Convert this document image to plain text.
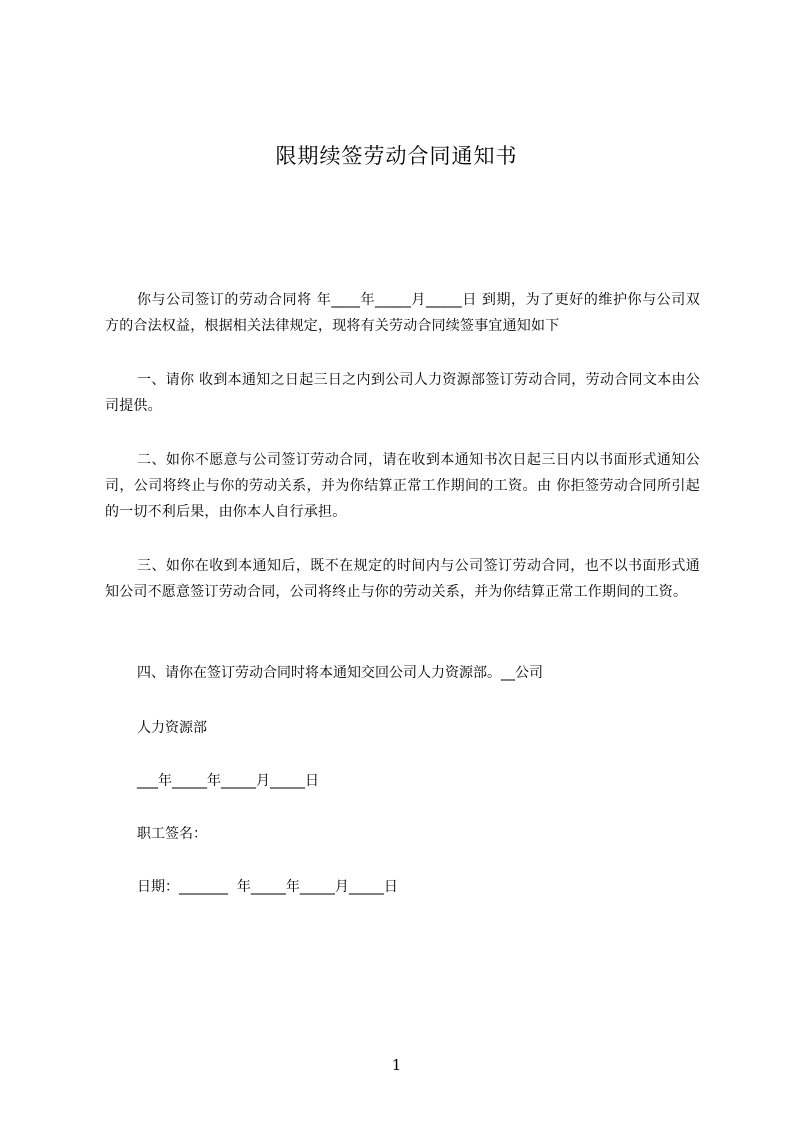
限期续签劳动合同通知书
你与公司签订的劳动合同将 年____年_____月_____日 到期，为了更好的维护你与公司双方的合法权益，根据相关法律规定，现将有关劳动合同续签事宜通知如下
一、请你 收到本通知之日起三日之内到公司人力资源部签订劳动合同，劳动合同文本由公司提供。
二、如你不愿意与公司签订劳动合同，请在收到本通知书次日起三日内以书面形式通知公司，公司将终止与你的劳动关系，并为你结算正常工作期间的工资。由 你拒签劳动合同所引起的一切不利后果，由你本人自行承担。
三、如你在收到本通知后，既不在规定的时间内与公司签订劳动合同，也不以书面形式通知公司不愿意签订劳动合同，公司将终止与你的劳动关系，并为你结算正常工作期间的工资。
四、请你在签订劳动合同时将本通知交回公司人力资源部。__公司
人力资源部
___年_____年_____月_____日
职工签名：
日期：_______  年_____年_____月_____日
1
